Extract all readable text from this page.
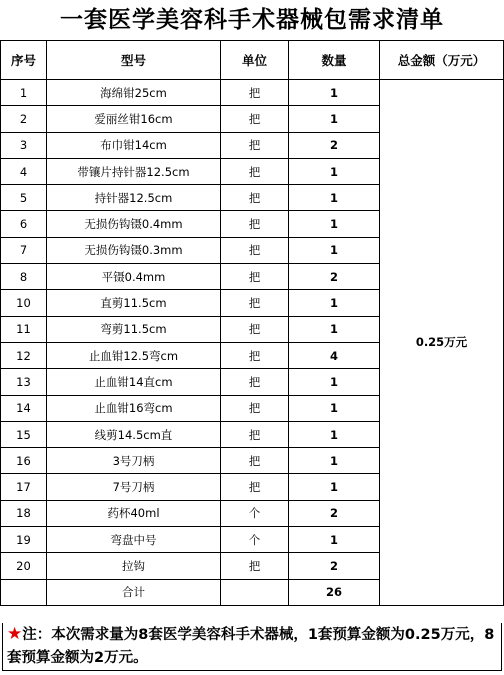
一套医学美容科手术器械包需求清单
序号	型号	单位	数量	总金额（万元）
1	海绵钳25cm	把	1	0.25万元
2	爱丽丝钳16cm	把	1	
3	布巾钳14cm	把	2	
4	带镶片持针器12.5cm	把	1	
5	持针器12.5cm	把	1	
6	无损伤钩镊0.4mm	把	1	
7	无损伤钩镊0.3mm	把	1	
8	平镊0.4mm	把	2	
10	直剪11.5cm	把	1	
11	弯剪11.5cm	把	1	
12	止血钳12.5弯cm	把	4	
13	止血钳14直cm	把	1	
14	止血钳16弯cm	把	1	
15	线剪14.5cm直	把	1	
16	3号刀柄	把	1	
17	7号刀柄	把	1	
18	药杯40ml	个	2	
19	弯盘中号	个	1	
20	拉钩	把	2	
	合计		26	
★注：本次需求量为8套医学美容科手术器械，1套预算金额为0.25万元，8套预算金额为2万元。
